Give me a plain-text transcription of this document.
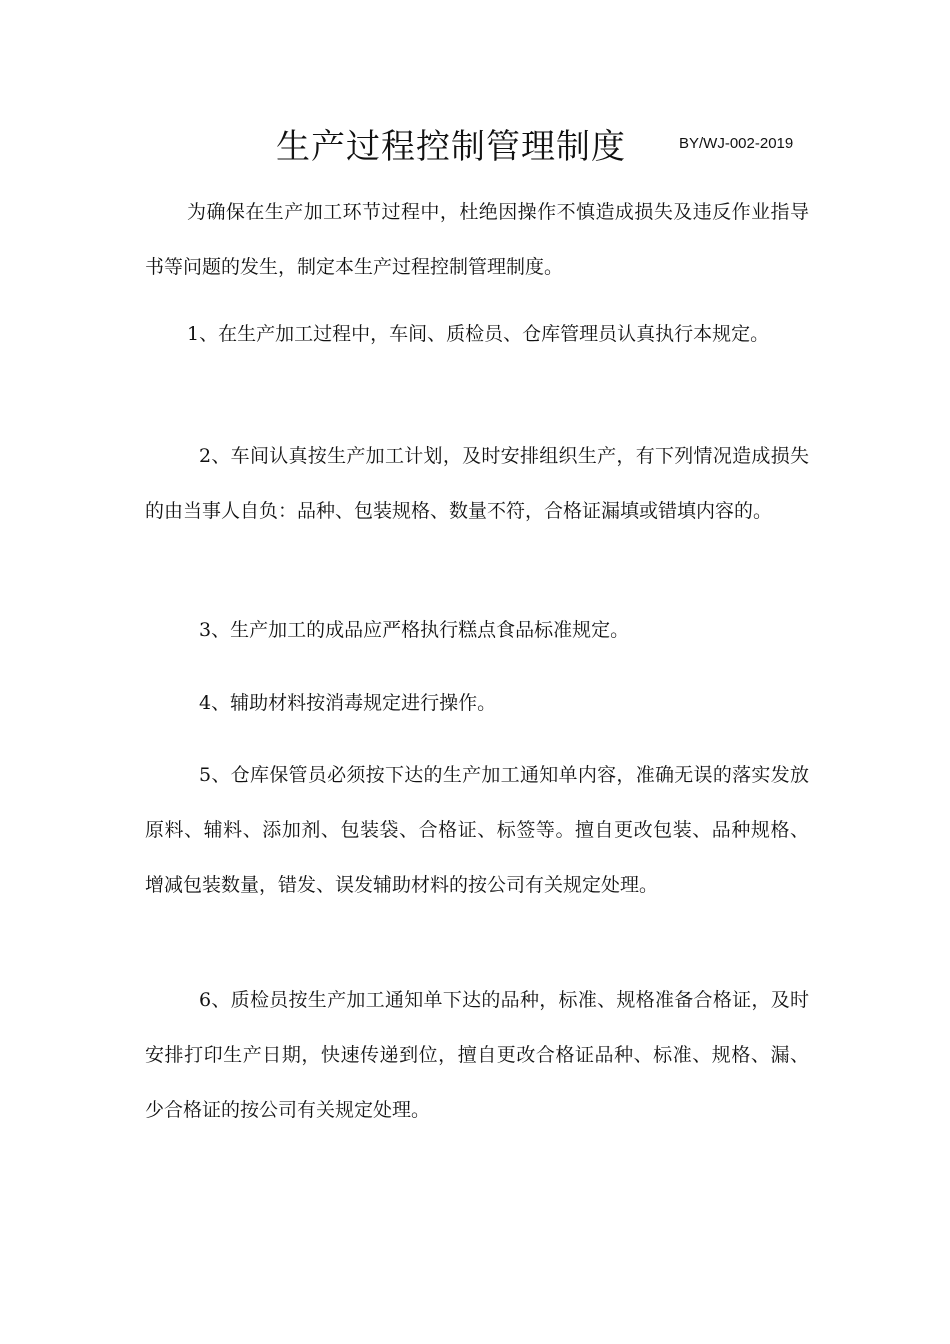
生产过程控制管理制度	BY/WJ-002-2019

为确保在生产加工环节过程中，杜绝因操作不慎造成损失及违反作业指导书等问题的发生，制定本生产过程控制管理制度。

1、在生产加工过程中，车间、质检员、仓库管理员认真执行本规定。

2、车间认真按生产加工计划，及时安排组织生产，有下列情况造成损失的由当事人自负：品种、包装规格、数量不符，合格证漏填或错填内容的。

3、生产加工的成品应严格执行糕点食品标准规定。

4、辅助材料按消毒规定进行操作。

5、仓库保管员必须按下达的生产加工通知单内容，准确无误的落实发放原料、辅料、添加剂、包装袋、合格证、标签等。擅自更改包装、品种规格、增减包装数量，错发、误发辅助材料的按公司有关规定处理。

6、质检员按生产加工通知单下达的品种，标准、规格准备合格证，及时安排打印生产日期，快速传递到位，擅自更改合格证品种、标准、规格、漏、少合格证的按公司有关规定处理。
